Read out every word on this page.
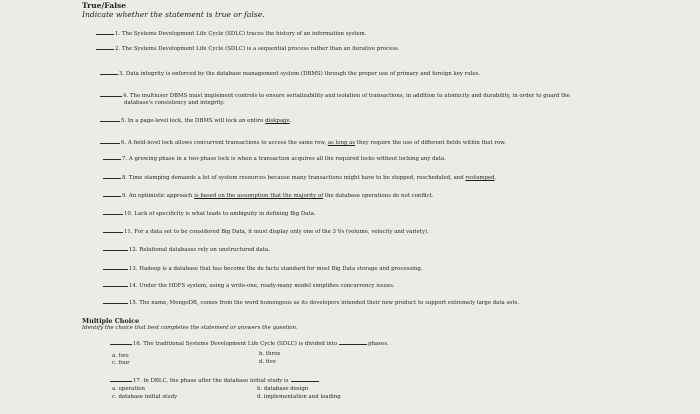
True/False
Indicate whether the statement is true or false.
1. The Systems Development Life Cycle (SDLC) traces the history of an information system.
2. The Systems Development Life Cycle (SDLC) is a sequential process rather than an iterative process.
3. Data integrity is enforced by the database management system (DBMS) through the proper use of primary and foreign key rules.
4. The multiuser DBMS must implement controls to ensure serializability and isolation of transactions, in addition to atomicity and durability, in order to guard the
database's consistency and integrity.
5. In a page-level lock, the DBMS will lock an entire diskpage.
6. A field-level lock allows concurrent transactions to access the same row, as long as they require the use of different fields within that row.
7. A growing phase in a two-phase lock is when a transaction acquires all the required locks without locking any data.
8. Time stamping demands a lot of system resources because many transactions might have to be stopped, rescheduled, and restamped.
9. An optimistic approach is based on the assumption that the majority of the database operations do not conflict.
10. Lack of specificity is what leads to ambiguity in defining Big Data.
11. For a data set to be considered Big Data, it must display only one of the 3 Vs (volume, velocity and variety).
12. Relational databases rely on unstructured data.
13. Hadoop is a database that has become the de facto standard for most Big Data storage and processing.
14. Under the HDFS system, using a write-one, ready-many model simplifies concurrency issues.
15. The name, MongoDB, comes from the word humongous as its developers intended their new product to support extremely large data sets.
Multiple Choice
Identify the choice that best completes the statement or answers the question.
16. The traditional Systems Development Life Cycle (SDLC) is divided into	phases.
a. two	b. three
c. four	d. five
17. In DBLC, the phase after the database initial study is
a. operation	b. database design
c. database initial study	d. implementation and loading
